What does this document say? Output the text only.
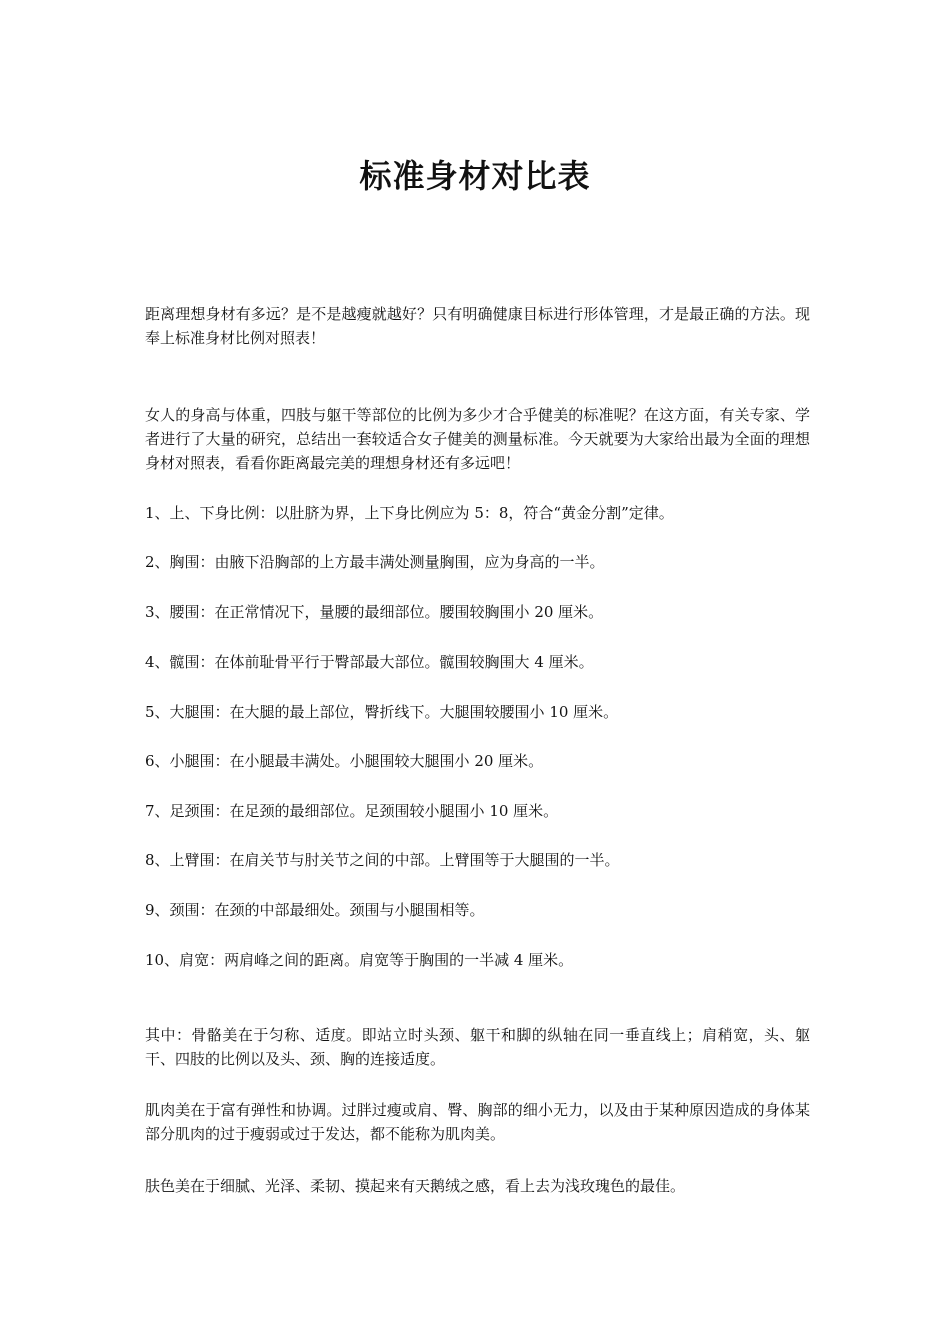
标准身材对比表

距离理想身材有多远？是不是越瘦就越好？只有明确健康目标进行形体管理，才是最正确的方法。现奉上标准身材比例对照表！

女人的身高与体重，四肢与躯干等部位的比例为多少才合乎健美的标准呢？在这方面，有关专家、学者进行了大量的研究，总结出一套较适合女子健美的测量标准。今天就要为大家给出最为全面的理想身材对照表，看看你距离最完美的理想身材还有多远吧！

1、上、下身比例：以肚脐为界，上下身比例应为 5：8，符合“黄金分割”定律。

2、胸围：由腋下沿胸部的上方最丰满处测量胸围，应为身高的一半。

3、腰围：在正常情况下，量腰的最细部位。腰围较胸围小 20 厘米。

4、髋围：在体前耻骨平行于臀部最大部位。髋围较胸围大 4 厘米。

5、大腿围：在大腿的最上部位，臀折线下。大腿围较腰围小 10 厘米。

6、小腿围：在小腿最丰满处。小腿围较大腿围小 20 厘米。

7、足颈围：在足颈的最细部位。足颈围较小腿围小 10 厘米。

8、上臂围：在肩关节与肘关节之间的中部。上臂围等于大腿围的一半。

9、颈围：在颈的中部最细处。颈围与小腿围相等。

10、肩宽：两肩峰之间的距离。肩宽等于胸围的一半减 4 厘米。

其中：骨骼美在于匀称、适度。即站立时头颈、躯干和脚的纵轴在同一垂直线上；肩稍宽，头、躯干、四肢的比例以及头、颈、胸的连接适度。

肌肉美在于富有弹性和协调。过胖过瘦或肩、臀、胸部的细小无力，以及由于某种原因造成的身体某部分肌肉的过于瘦弱或过于发达，都不能称为肌肉美。

肤色美在于细腻、光泽、柔韧、摸起来有天鹅绒之感，看上去为浅玫瑰色的最佳。
